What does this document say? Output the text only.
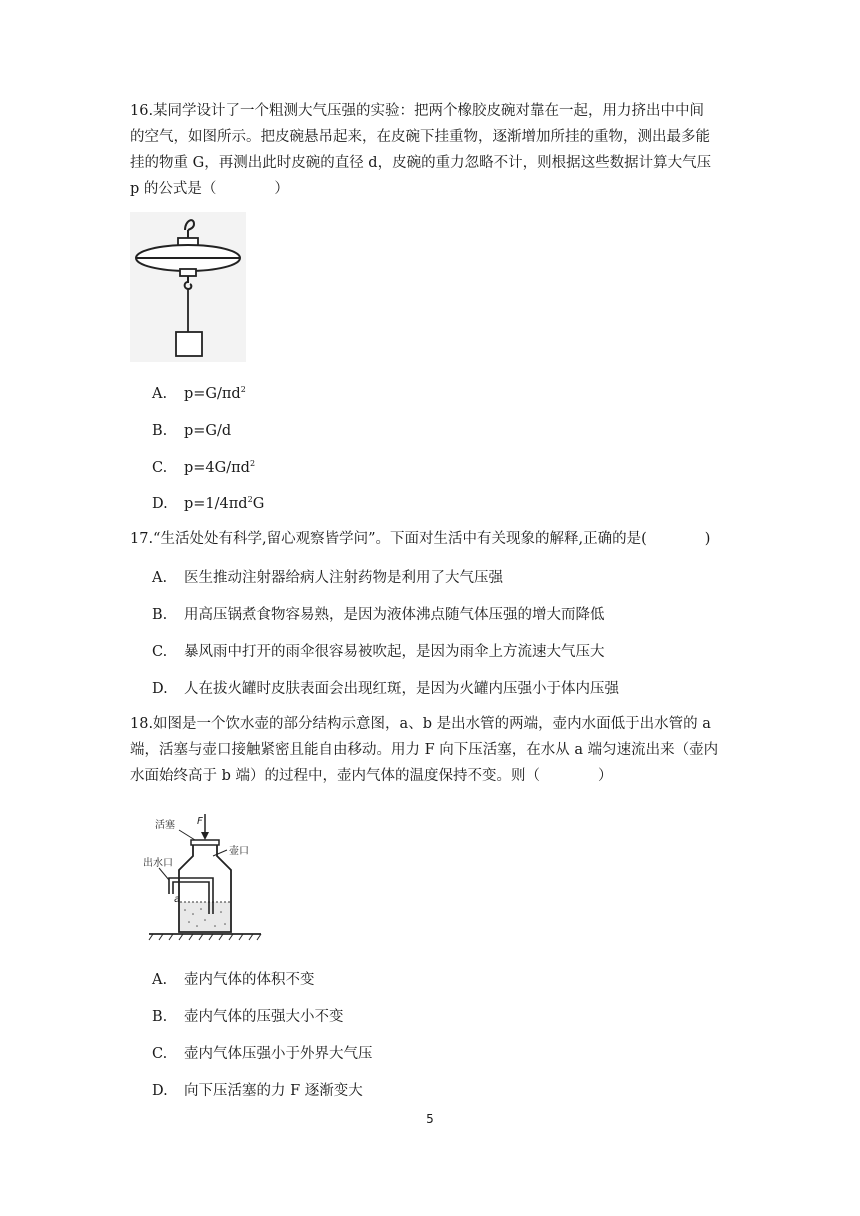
16.某同学设计了一个粗测大气压强的实验：把两个橡胶皮碗对靠在一起，用力挤出中中间
的空气，如图所示。把皮碗悬吊起来，在皮碗下挂重物，逐渐增加所挂的重物，测出最多能
挂的物重 G，再测出此时皮碗的直径 d，皮碗的重力忽略不计，则根据这些数据计算大气压
p 的公式是（　　　　）
A. $p=G/\pi d^2$
B. p=G/d
C. $p=4G/\pi d^2$
D. $p=1/4\pi d^2G$
17.“生活处处有科学,留心观察皆学问”。下面对生活中有关现象的解释,正确的是(　　　　)
A. 医生推动注射器给病人注射药物是利用了大气压强
B. 用高压锅煮食物容易熟，是因为液体沸点随气体压强的增大而降低
C. 暴风雨中打开的雨伞很容易被吹起，是因为雨伞上方流速大气压大
D. 人在拔火罐时皮肤表面会出现红斑，是因为火罐内压强小于体内压强
18.如图是一个饮水壶的部分结构示意图，a、b 是出水管的两端，壶内水面低于出水管的 a
端，活塞与壶口接触紧密且能自由移动。用力 F 向下压活塞，在水从 a 端匀速流出来（壶内
水面始终高于 b 端）的过程中，壶内气体的温度保持不变。则（　　　　）
活塞 F
壶口
出水口
a
A. 壶内气体的体积不变
B. 壶内气体的压强大小不变
C. 壶内气体压强小于外界大气压
D. 向下压活塞的力 F 逐渐变大
5
